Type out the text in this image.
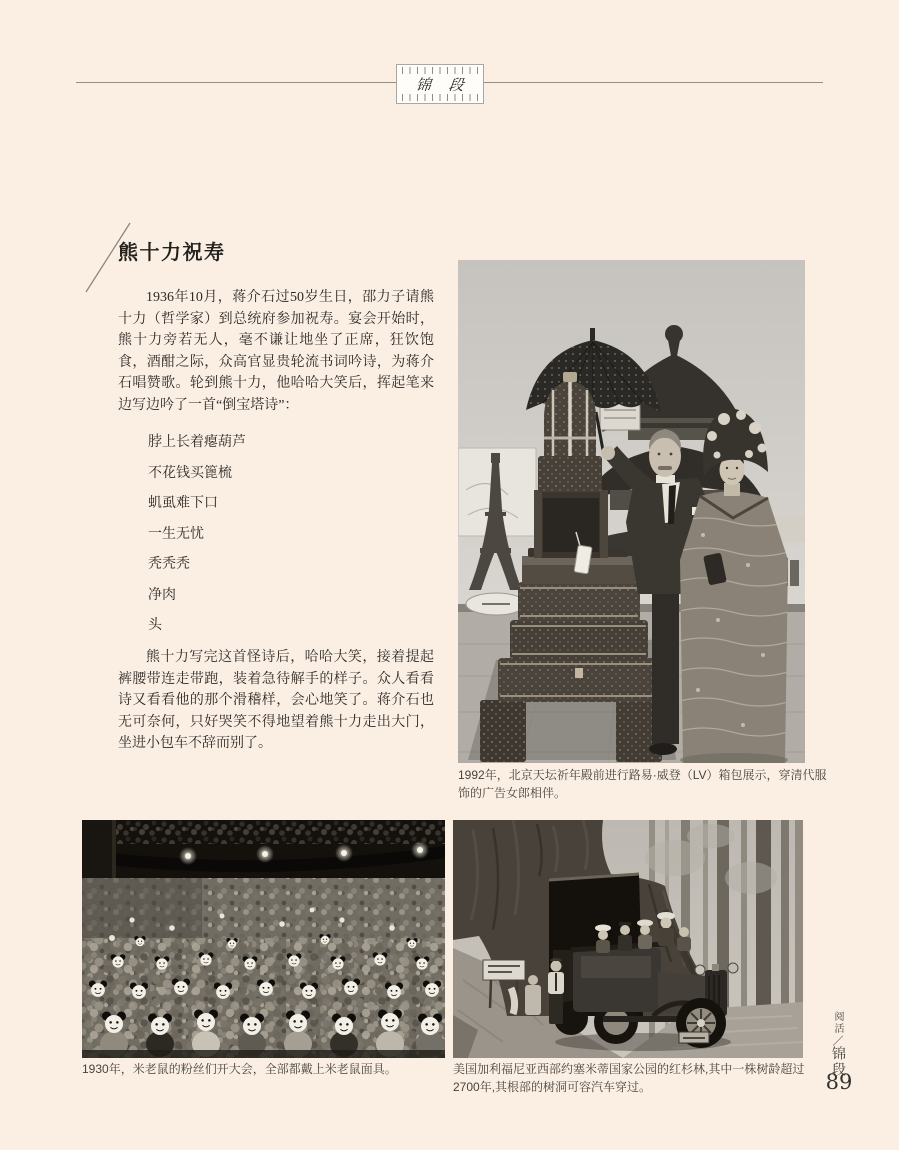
锦 段
熊十力祝寿

1936年10月，蒋介石过50岁生日，邵力子请熊十力（哲学家）到总统府参加祝寿。宴会开始时，熊十力旁若无人，毫不谦让地坐了正席，狂饮饱食，酒酣之际，众高官显贵轮流书词吟诗，为蒋介石唱赞歌。轮到熊十力，他哈哈大笑后，挥起笔来边写边吟了一首“倒宝塔诗”：

脖上长着瘪葫芦
不花钱买篦梳
虮虱难下口
一生无忧
秃秃秃
净肉
头

熊十力写完这首怪诗后，哈哈大笑，接着提起裤腰带连走带跑，装着急待解手的样子。众人看看诗又看看他的那个滑稽样，会心地笑了。蒋介石也无可奈何，只好哭笑不得地望着熊十力走出大门，坐进小包车不辞而别了。

1992年，北京天坛祈年殿前进行路易·威登（LV）箱包展示，穿清代服饰的广告女郎相伴。
1930年，米老鼠的粉丝们开大会，全部都戴上米老鼠面具。	美国加利福尼亚西部约塞米蒂国家公园的红杉林,其中一株树龄超过2700年,其根部的树洞可容汽车穿过。
阅活／锦段
89
